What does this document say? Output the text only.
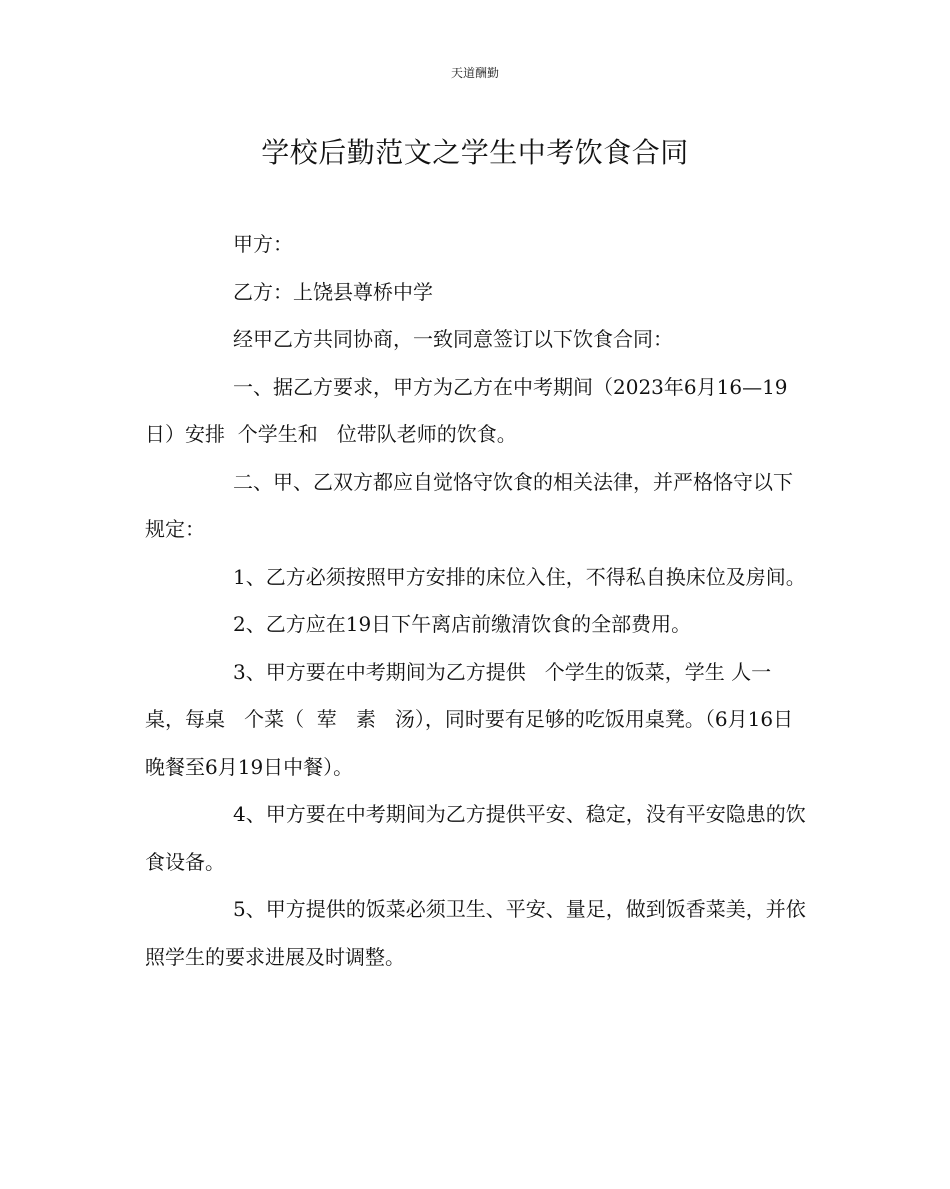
天道酬勤
学校后勤范文之学生中考饮食合同

甲方：

乙方：上饶县尊桥中学

经甲乙方共同协商，一致同意签订以下饮食合同：

一、据乙方要求，甲方为乙方在中考期间（2023年6月16—19日）安排  个学生和   位带队老师的饮食。

二、甲、乙双方都应自觉恪守饮食的相关法律，并严格恪守以下规定：

1、乙方必须按照甲方安排的床位入住，不得私自换床位及房间。

2、乙方应在19日下午离店前缴清饮食的全部费用。

3、甲方要在中考期间为乙方提供   个学生的饭菜，学生 人一桌，每桌   个菜（  荤   素   汤），同时要有足够的吃饭用桌凳。（6月16日晚餐至6月19日中餐）。

4、甲方要在中考期间为乙方提供平安、稳定，没有平安隐患的饮食设备。

5、甲方提供的饭菜必须卫生、平安、量足，做到饭香菜美，并依照学生的要求进展及时调整。
